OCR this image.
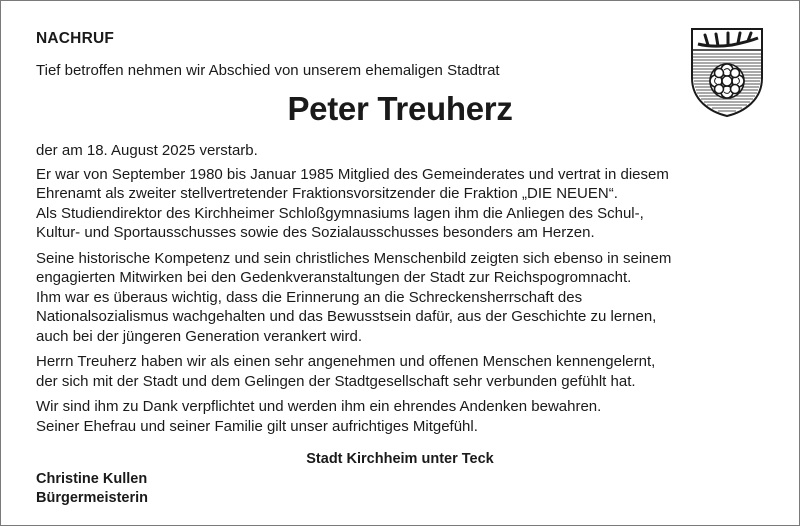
NACHRUF
Tief betroffen nehmen wir Abschied von unserem ehemaligen Stadtrat
Peter Treuherz

der am 18. August 2025 verstarb.

Er war von September 1980 bis Januar 1985 Mitglied des Gemeinderates und vertrat in diesem
Ehrenamt als zweiter stellvertretender Fraktionsvorsitzender die Fraktion „DIE NEUEN“.
Als Studiendirektor des Kirchheimer Schloßgymnasiums lagen ihm die Anliegen des Schul-,
Kultur- und Sportausschusses sowie des Sozialausschusses besonders am Herzen.

Seine historische Kompetenz und sein christliches Menschenbild zeigten sich ebenso in seinem
engagierten Mitwirken bei den Gedenkveranstaltungen der Stadt zur Reichspogromnacht.
Ihm war es überaus wichtig, dass die Erinnerung an die Schreckensherrschaft des
Nationalsozialismus wachgehalten und das Bewusstsein dafür, aus der Geschichte zu lernen,
auch bei der jüngeren Generation verankert wird.

Herrn Treuherz haben wir als einen sehr angenehmen und offenen Menschen kennengelernt,
der sich mit der Stadt und dem Gelingen der Stadtgesellschaft sehr verbunden gefühlt hat.

Wir sind ihm zu Dank verpflichtet und werden ihm ein ehrendes Andenken bewahren.
Seiner Ehefrau und seiner Familie gilt unser aufrichtiges Mitgefühl.

Stadt Kirchheim unter Teck
Christine Kullen
Bürgermeisterin
